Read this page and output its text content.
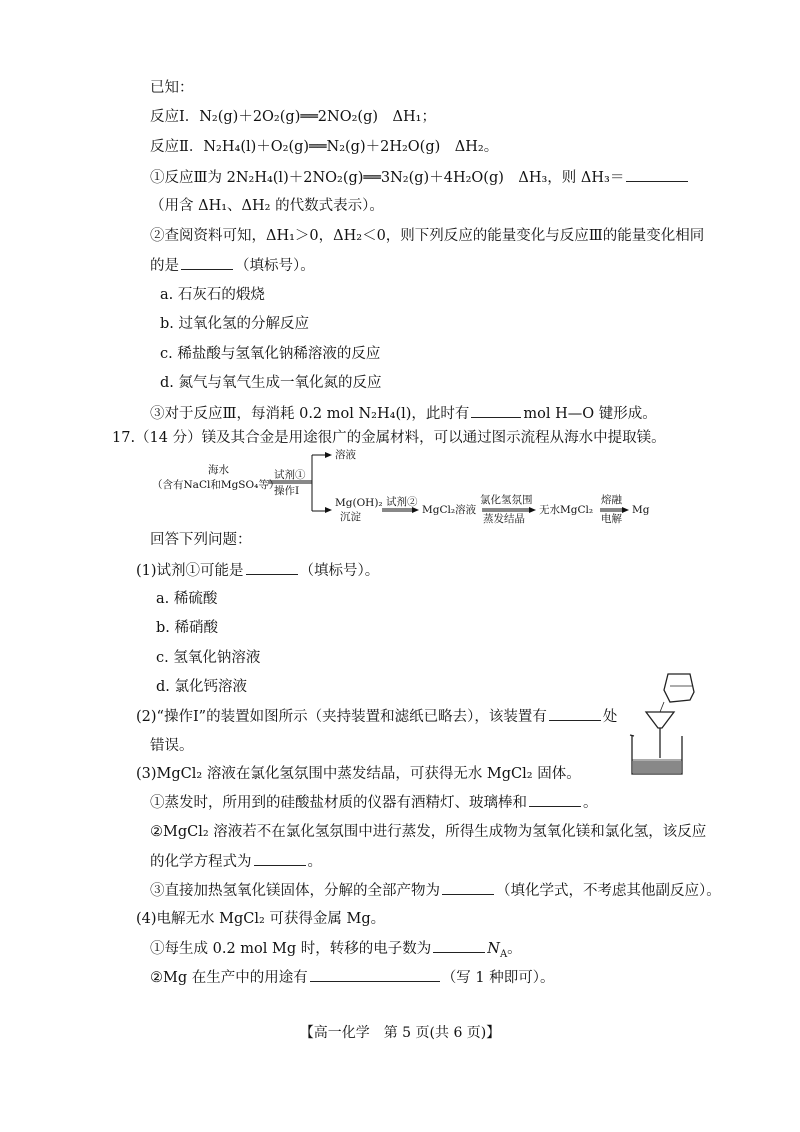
已知：
反应Ⅰ．N₂(g)＋2O₂(g)══2NO₂(g)　ΔH₁；
反应Ⅱ．N₂H₄(l)＋O₂(g)══N₂(g)＋2H₂O(g)　ΔH₂。
①反应Ⅲ为 2N₂H₄(l)＋2NO₂(g)══3N₂(g)＋4H₂O(g)　ΔH₃，则 ΔH₃＝
（用含 ΔH₁、ΔH₂ 的代数式表示）。
②查阅资料可知，ΔH₁＞0，ΔH₂＜0，则下列反应的能量变化与反应Ⅲ的能量变化相同
的是	（填标号）。
a. 石灰石的煅烧
b. 过氧化氢的分解反应
c. 稀盐酸与氢氧化钠稀溶液的反应
d. 氮气与氧气生成一氧化氮的反应
③对于反应Ⅲ，每消耗 0.2 mol N₂H₄(l)，此时有	mol H—O 键形成。
17.（14 分）镁及其合金是用途很广的金属材料，可以通过图示流程从海水中提取镁。
海水
（含有NaCl和MgSO₄等）
试剂①
操作Ⅰ
溶液
Mg(OH)₂
沉淀
试剂②
MgCl₂溶液
氯化氢氛围
蒸发结晶
无水MgCl₂
熔融
电解
Mg
回答下列问题：
(1)试剂①可能是	（填标号）。
a. 稀硫酸
b. 稀硝酸
c. 氢氧化钠溶液
d. 氯化钙溶液
(2)“操作Ⅰ”的装置如图所示（夹持装置和滤纸已略去），该装置有	处
错误。
(3)MgCl₂ 溶液在氯化氢氛围中蒸发结晶，可获得无水 MgCl₂ 固体。
①蒸发时，所用到的硅酸盐材质的仪器有酒精灯、玻璃棒和	。
②MgCl₂ 溶液若不在氯化氢氛围中进行蒸发，所得生成物为氢氧化镁和氯化氢，该反应
的化学方程式为	。
③直接加热氢氧化镁固体，分解的全部产物为	（填化学式，不考虑其他副反应）。
(4)电解无水 MgCl₂ 可获得金属 Mg。
①每生成 0.2 mol Mg 时，转移的电子数为	$N_A$。
②Mg 在生产中的用途有	（写 1 种即可）。
【高一化学　第 5 页(共 6 页)】
